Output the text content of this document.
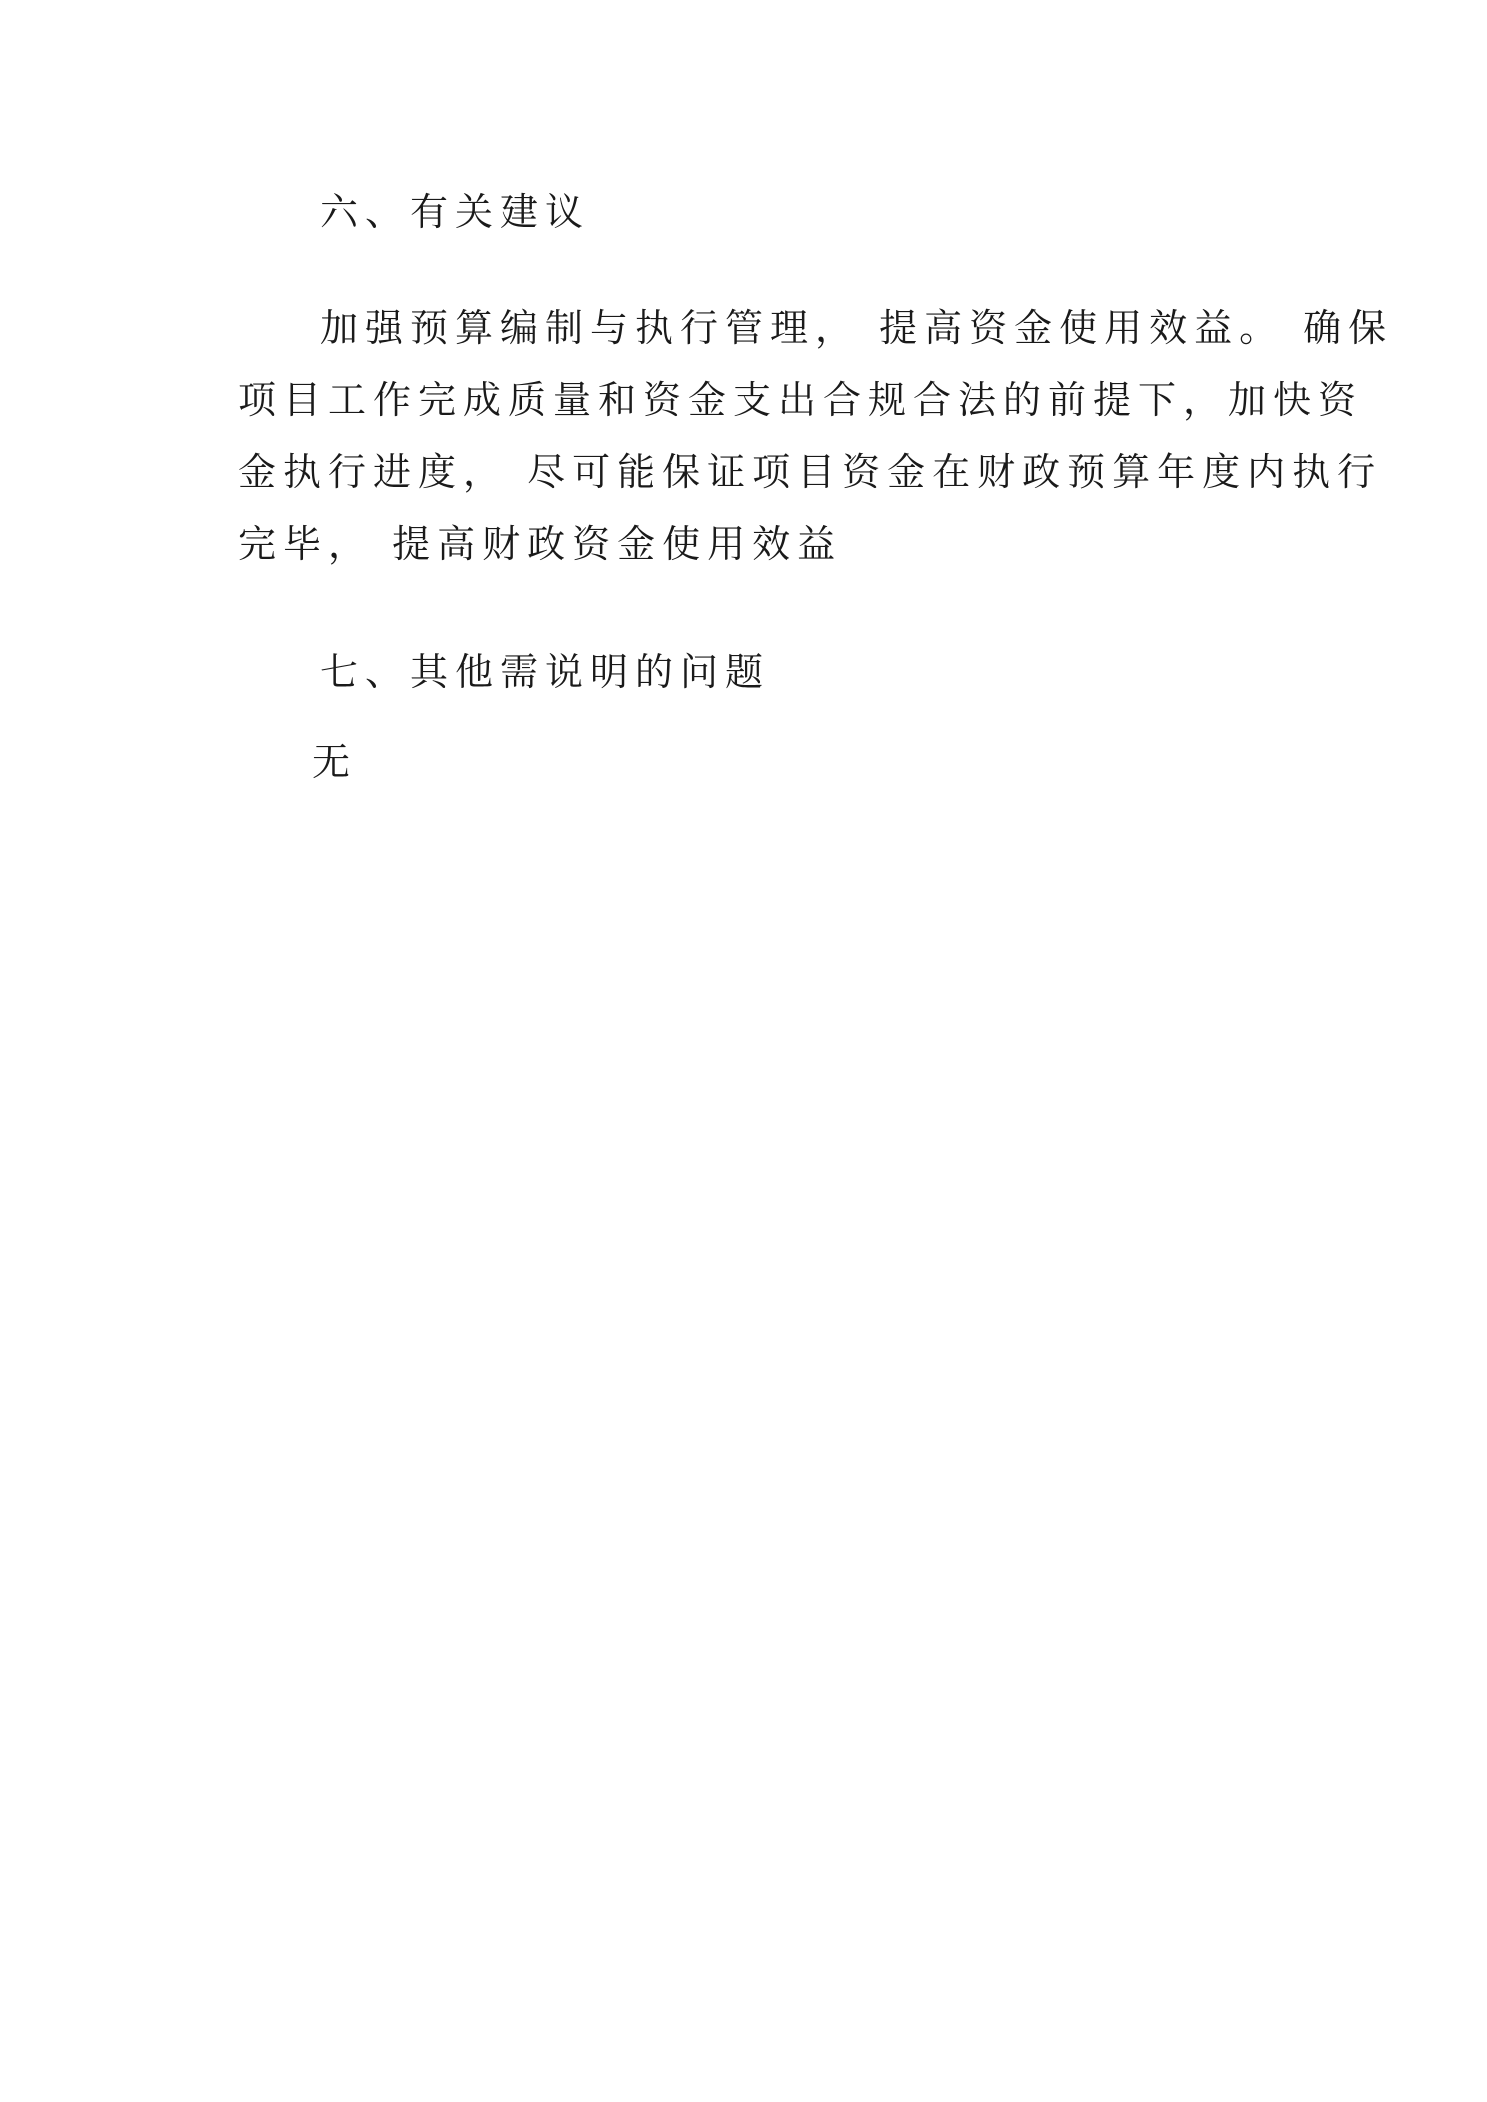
六、有关建议
加强预算编制与执行管理， 提高资金使用效益。 确保
项目工作完成质量和资金支出合规合法的前提下，加快资
金执行进度， 尽可能保证项目资金在财政预算年度内执行
完毕， 提高财政资金使用效益
七、其他需说明的问题
无
